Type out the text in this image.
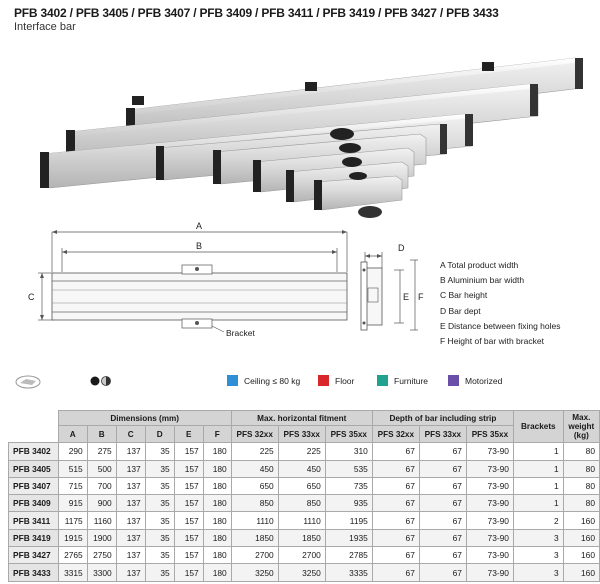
PFB 3402 / PFB 3405 / PFB 3407 / PFB 3409 / PFB 3411 / PFB 3419 / PFB 3427 / PFB 3433
Interface bar
A
B
C
D
E F
A Total product width
B Aluminium bar width
C Bar height
D Bar dept
E Distance between fixing holes
F Height of bar with bracket
Bracket
Ceiling ≤ 80 kg	Floor	Furniture	Motorized
	Dimensions (mm)						Max. horizontal fitment			Depth of bar including strip			Brackets	Max. weight (kg)
	A	B	C	D	E	F	PFS 32xx	PFS 33xx	PFS 35xx	PFS 32xx	PFS 33xx	PFS 35xx		
PFB 3402	290	275	137	35	157	180	225	225	310	67	67	73-90	1	80
PFB 3405	515	500	137	35	157	180	450	450	535	67	67	73-90	1	80
PFB 3407	715	700	137	35	157	180	650	650	735	67	67	73-90	1	80
PFB 3409	915	900	137	35	157	180	850	850	935	67	67	73-90	1	80
PFB 3411	1175	1160	137	35	157	180	1110	1110	1195	67	67	73-90	2	160
PFB 3419	1915	1900	137	35	157	180	1850	1850	1935	67	67	73-90	3	160
PFB 3427	2765	2750	137	35	157	180	2700	2700	2785	67	67	73-90	3	160
PFB 3433	3315	3300	137	35	157	180	3250	3250	3335	67	67	73-90	3	160
